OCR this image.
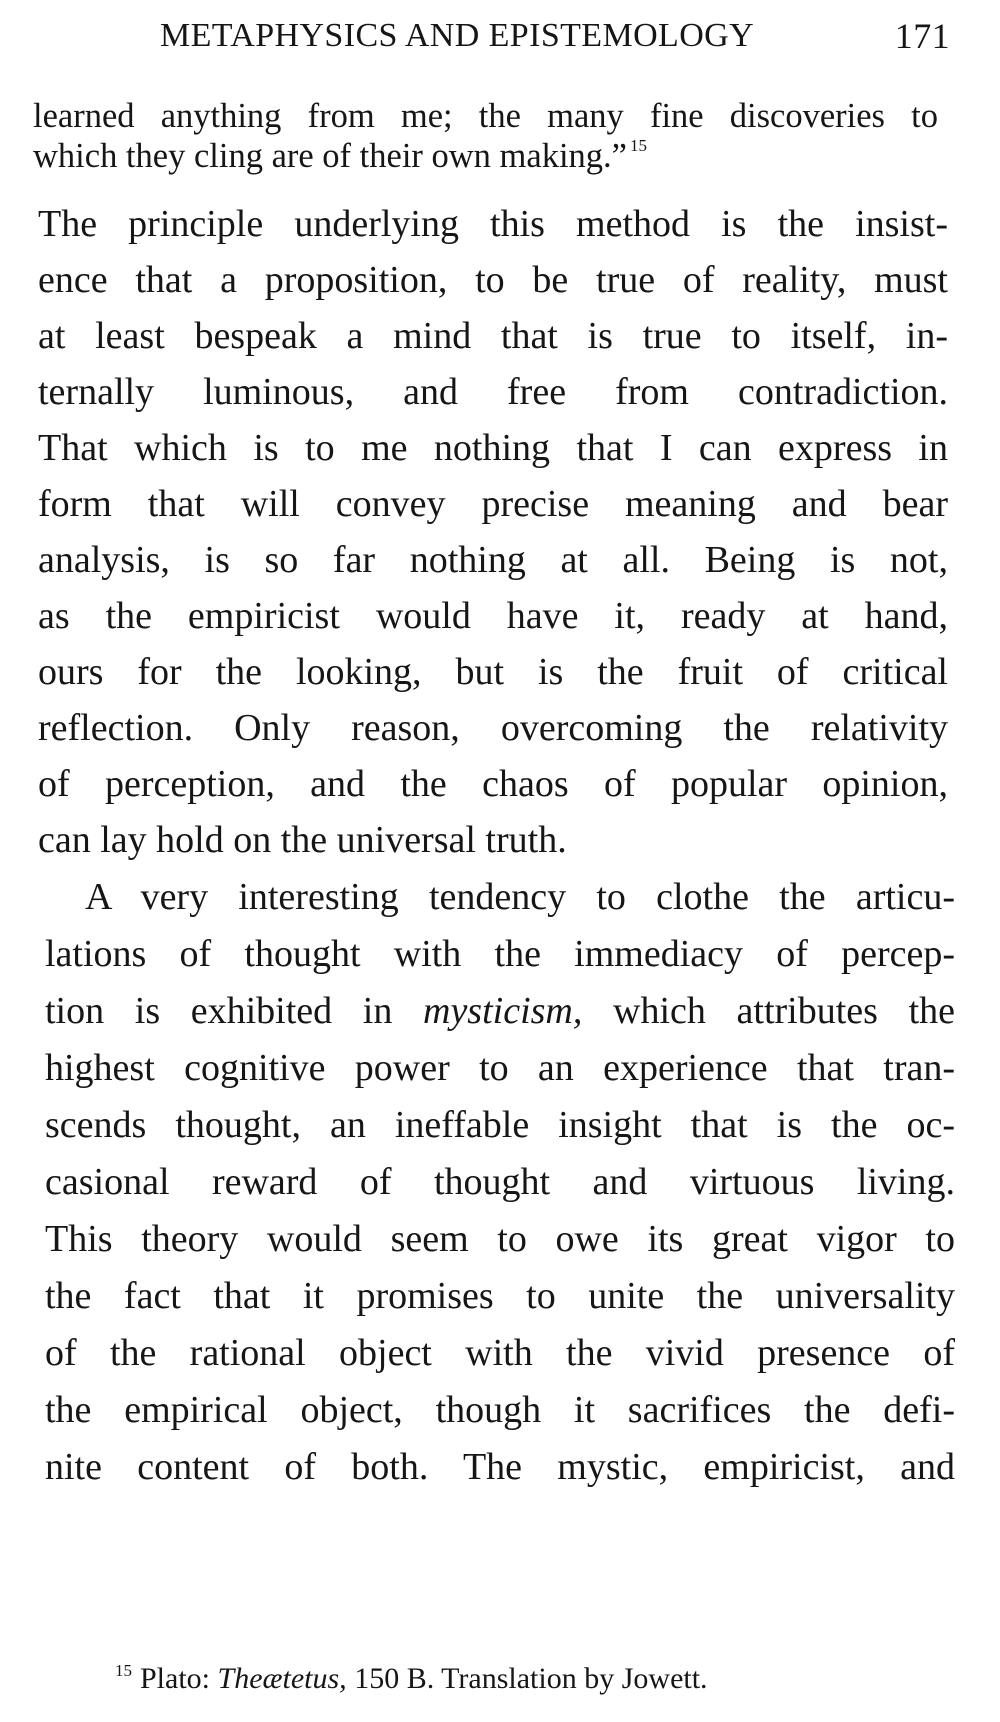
METAPHYSICS AND EPISTEMOLOGY	171
learned anything from me; the many fine discoveries to
which they cling are of their own making.” $^{15}$
The principle underlying this method is the insist-
ence that a proposition, to be true of reality, must
at least bespeak a mind that is true to itself, in-
ternally luminous, and free from contradiction.
That which is to me nothing that I can express in
form that will convey precise meaning and bear
analysis, is so far nothing at all. Being is not,
as the empiricist would have it, ready at hand,
ours for the looking, but is the fruit of critical
reflection. Only reason, overcoming the relativity
of perception, and the chaos of popular opinion,
can lay hold on the universal truth.
A very interesting tendency to clothe the articu-
lations of thought with the immediacy of percep-
tion is exhibited in mysticism, which attributes the
highest cognitive power to an experience that tran-
scends thought, an ineffable insight that is the oc-
casional reward of thought and virtuous living.
This theory would seem to owe its great vigor to
the fact that it promises to unite the universality
of the rational object with the vivid presence of
the empirical object, though it sacrifices the defi-
nite content of both. The mystic, empiricist, and
$^{15}$ Plato: Theætetus, 150 B. Translation by Jowett.
